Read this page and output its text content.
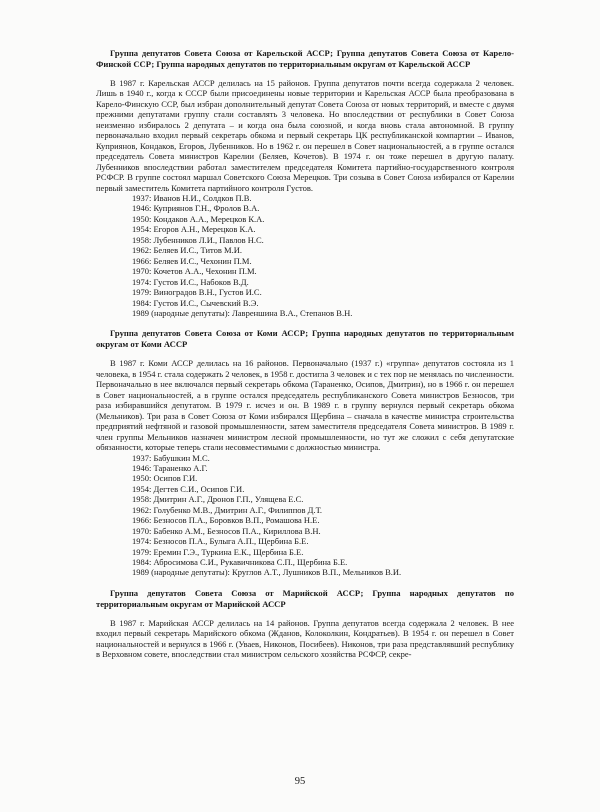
Группа депутатов Совета Союза от Карельской АССР; Группа депутатов Совета Союза от Карело-Финской ССР; Группа народных депутатов по территориальным округам от Карельской АССР

В 1987 г. Карельская АССР делилась на 15 районов. Группа депутатов почти всегда содержала 2 человек. Лишь в 1940 г., когда к СССР были присоединены новые территории и Карельская АССР была преобразована в Карело-Финскую ССР, был избран дополнительный депутат Совета Союза от новых территорий, и вместе с двумя прежними депутатами группу стали составлять 3 человека. Но впоследствии от республики в Совет Союза неизменно избиралось 2 депутата – и когда она была союзной, и когда вновь стала автономной. В группу первоначально входил первый секретарь обкома и первый секретарь ЦК республиканской компартии – Иванов, Куприянов, Кондаков, Егоров, Лубенников. Но в 1962 г. он перешел в Совет национальностей, а в группе остался председатель Совета министров Карелии (Беляев, Кочетов). В 1974 г. он тоже перешел в другую палату. Лубенников впоследствии работал заместителем председателя Комитета партийно-государственного контроля РСФСР. В группе состоял маршал Советского Союза Мерецков. Три созыва в Совет Союза избирался от Карелии первый заместитель Комитета партийного контроля Густов.

1937: Иванов Н.И., Солдков П.В.
1946: Куприянов Г.Н., Фролов В.А.
1950: Кондаков А.А., Мерецков К.А.
1954: Егоров А.Н., Мерецков К.А.
1958: Лубенников Л.И., Павлов Н.С.
1962: Беляев И.С., Титов М.И.
1966: Беляев И.С., Чехонин П.М.
1970: Кочетов А.А., Чехонин П.М.
1974: Густов И.С., Набоков В.Д.
1979: Виноградов В.Н., Густов И.С.
1984: Густов И.С., Сычевский В.Э.
1989 (народные депутаты): Лавреншина В.А., Степанов В.Н.
Группа депутатов Совета Союза от Коми АССР; Группа народных депутатов по территориальным округам от Коми АССР

В 1987 г. Коми АССР делилась на 16 районов. Первоначально (1937 г.) «группа» депутатов состояла из 1 человека, в 1954 г. стала содержать 2 человек, в 1958 г. достигла 3 человек и с тех пор не менялась по численности. Первоначально в нее включался первый секретарь обкома (Тараненко, Осипов, Дмитрин), но в 1966 г. он перешел в Совет национальностей, а в группе остался председатель республиканского Совета министров Безносов, три раза избиравшийся депутатом. В 1979 г. исчез и он. В 1989 г. в группу вернулся первый секретарь обкома (Мельников). Три раза в Совет Союза от Коми избирался Щербина – сначала в качестве министра строительства предприятий нефтяной и газовой промышленности, затем заместителя председателя Совета министров. В 1989 г. член группы Мельников назначен министром лесной промышленности, но тут же сложил с себя депутатские обязанности, которые теперь стали несовместимыми с должностью министра.

1937: Бабушкин М.С.
1946: Тараненко А.Г.
1950: Осипов Г.И.
1954: Дегтев С.И., Осипов Г.И.
1958: Дмитрин А.Г., Дронов Г.П., Улящева Е.С.
1962: Голубенко М.В., Дмитрин А.Г., Филиппов Д.Т.
1966: Безносов П.А., Боровков В.П., Ромашова Н.Е.
1970: Бабенко А.М., Безносов П.А., Кириллова В.Н.
1974: Безносов П.А., Булыга А.П., Щербина Б.Е.
1979: Еремин Г.Э., Туркина Е.К., Щербина Б.Е.
1984: Абросимова С.И., Рукавичникова С.П., Щербина Б.Е.
1989 (народные депутаты): Круглов А.Т., Лушников В.П., Мельников В.И.
Группа депутатов Совета Союза от Марийской АССР; Группа народных депутатов по территориальным округам от Марийской АССР

В 1987 г. Марийская АССР делилась на 14 районов. Группа депутатов всегда содержала 2 человек. В нее входил первый секретарь Марийского обкома (Жданов, Колоколкин, Кондратьев). В 1954 г. он перешел в Совет национальностей и вернулся в 1966 г. (Уваев, Никонов, Посибеев). Никонов, три раза представлявший республику в Верховном совете, впоследствии стал министром сельского хозяйства РСФСР, секре-

95
